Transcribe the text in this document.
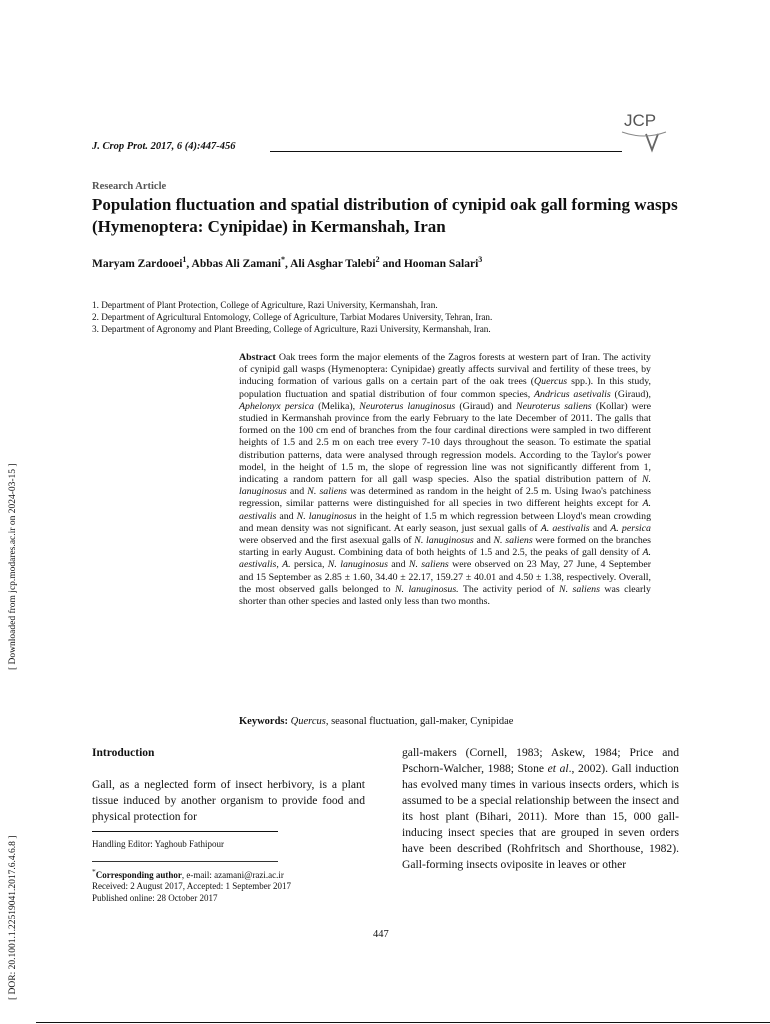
JCP
J. Crop Prot. 2017, 6 (4):447-456
Research Article
Population fluctuation and spatial distribution of cynipid oak gall forming wasps (Hymenoptera: Cynipidae) in Kermanshah, Iran
Maryam Zardooei$^1$, Abbas Ali Zamani*, Ali Asghar Talebi$^2$ and Hooman Salari$^3$
1. Department of Plant Protection, College of Agriculture, Razi University, Kermanshah, Iran.
2. Department of Agricultural Entomology, College of Agriculture, Tarbiat Modares University, Tehran, Iran.
3. Department of Agronomy and Plant Breeding, College of Agriculture, Razi University, Kermanshah, Iran.
Abstract Oak trees form the major elements of the Zagros forests at western part of Iran. The activity of cynipid gall wasps (Hymenoptera: Cynipidae) greatly affects survival and fertility of these trees, by inducing formation of various galls on a certain part of the oak trees (Quercus spp.). In this study, population fluctuation and spatial distribution of four common species, Andricus asetivalis (Giraud), Aphelonyx persica (Melika), Neuroterus lanuginosus (Giraud) and Neuroterus saliens (Kollar) were studied in Kermanshah province from the early February to the late December of 2011. The galls that formed on the 100 cm end of branches from the four cardinal directions were sampled in two different heights of 1.5 and 2.5 m on each tree every 7-10 days throughout the season. To estimate the spatial distribution patterns, data were analysed through regression models. According to the Taylor's power model, in the height of 1.5 m, the slope of regression line was not significantly different from 1, indicating a random pattern for all gall wasp species. Also the spatial distribution pattern of N. lanuginosus and N. saliens was determined as random in the height of 2.5 m. Using Iwao's patchiness regression, similar patterns were distinguished for all species in two different heights except for A. aestivalis and N. lanuginosus in the height of 1.5 m which regression between Lloyd's mean crowding and mean density was not significant. At early season, just sexual galls of A. aestivalis and A. persica were observed and the first asexual galls of N. lanuginosus and N. saliens were formed on the branches starting in early August. Combining data of both heights of 1.5 and 2.5, the peaks of gall density of A. aestivalis, A. persica, N. lanuginosus and N. saliens were observed on 23 May, 27 June, 4 September and 15 September as 2.85 ± 1.60, 34.40 ± 22.17, 159.27 ± 40.01 and 4.50 ± 1.38, respectively. Overall, the most observed galls belonged to N. lanuginosus. The activity period of N. saliens was clearly shorter than other species and lasted only less than two months.
Keywords: Quercus, seasonal fluctuation, gall-maker, Cynipidae
Introduction
Gall, as a neglected form of insect herbivory, is a plant tissue induced by another organism to provide food and physical protection for
gall-makers (Cornell, 1983; Askew, 1984; Price and Pschorn-Walcher, 1988; Stone et al., 2002). Gall induction has evolved many times in various insects orders, which is assumed to be a special relationship between the insect and its host plant (Bihari, 2011). More than 15, 000 gall-inducing insect species that are grouped in seven orders have been described (Rohfritsch and Shorthouse, 1982). Gall-forming insects oviposite in leaves or other
Handling Editor: Yaghoub Fathipour
*Corresponding author, e-mail: azamani@razi.ac.ir
Received: 2 August 2017, Accepted: 1 September 2017
Published online: 28 October 2017
447
[ Downloaded from jcp.modares.ac.ir on 2024-03-15 ]
[ DOR: 20.1001.1.22519041.2017.6.4.6.8 ]
